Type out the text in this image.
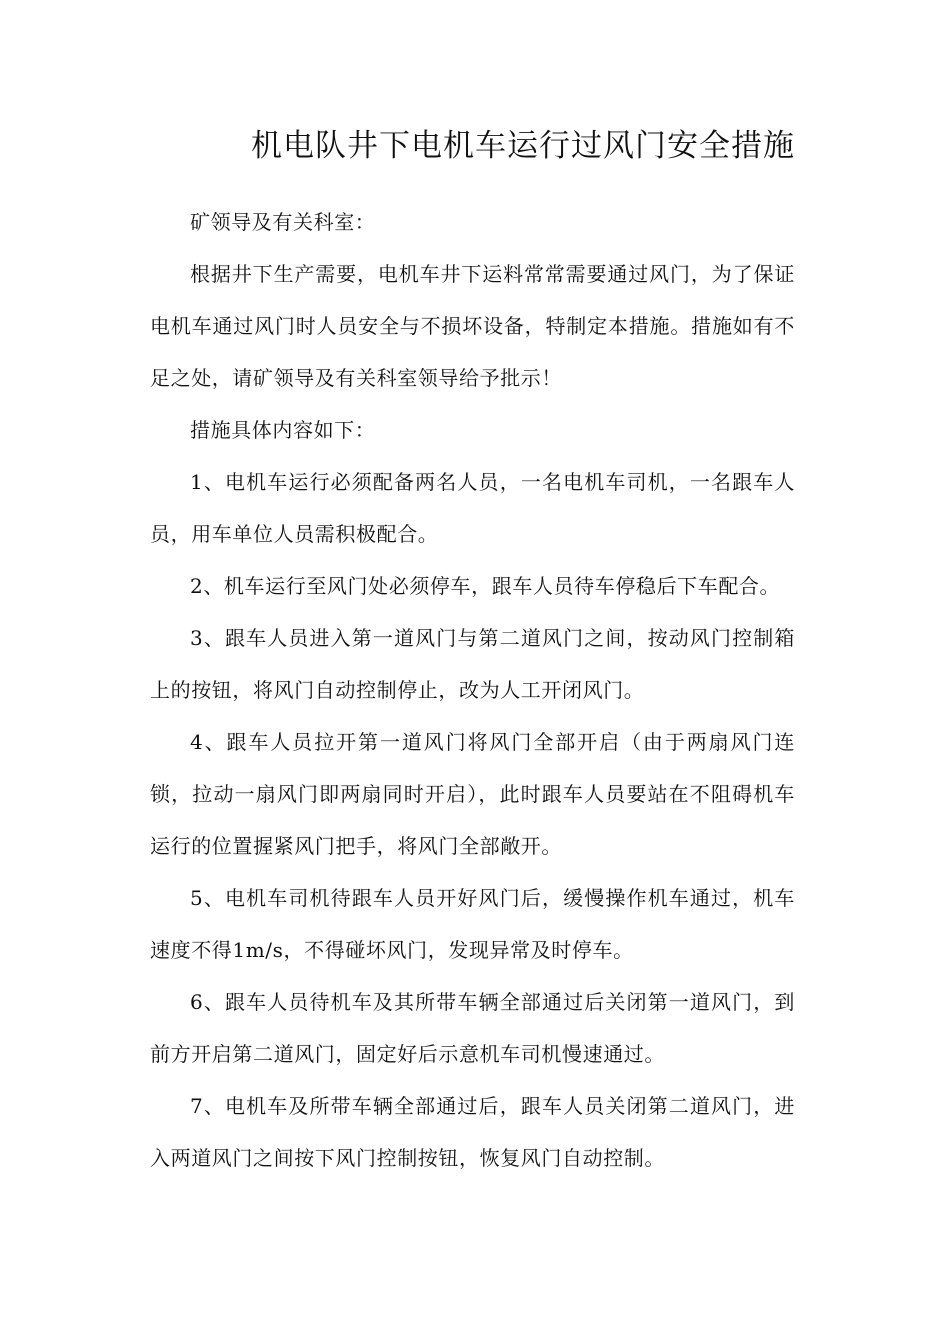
机电队井下电机车运行过风门安全措施

矿领导及有关科室：

根据井下生产需要，电机车井下运料常常需要通过风门，为了保证电机车通过风门时人员安全与不损坏设备，特制定本措施。措施如有不足之处，请矿领导及有关科室领导给予批示！

措施具体内容如下：

1、电机车运行必须配备两名人员，一名电机车司机，一名跟车人员，用车单位人员需积极配合。

2、机车运行至风门处必须停车，跟车人员待车停稳后下车配合。

3、跟车人员进入第一道风门与第二道风门之间，按动风门控制箱上的按钮，将风门自动控制停止，改为人工开闭风门。

4、跟车人员拉开第一道风门将风门全部开启（由于两扇风门连锁，拉动一扇风门即两扇同时开启），此时跟车人员要站在不阻碍机车运行的位置握紧风门把手，将风门全部敞开。

5、电机车司机待跟车人员开好风门后，缓慢操作机车通过，机车速度不得1m/s，不得碰坏风门，发现异常及时停车。

6、跟车人员待机车及其所带车辆全部通过后关闭第一道风门，到前方开启第二道风门，固定好后示意机车司机慢速通过。

7、电机车及所带车辆全部通过后，跟车人员关闭第二道风门，进入两道风门之间按下风门控制按钮，恢复风门自动控制。
